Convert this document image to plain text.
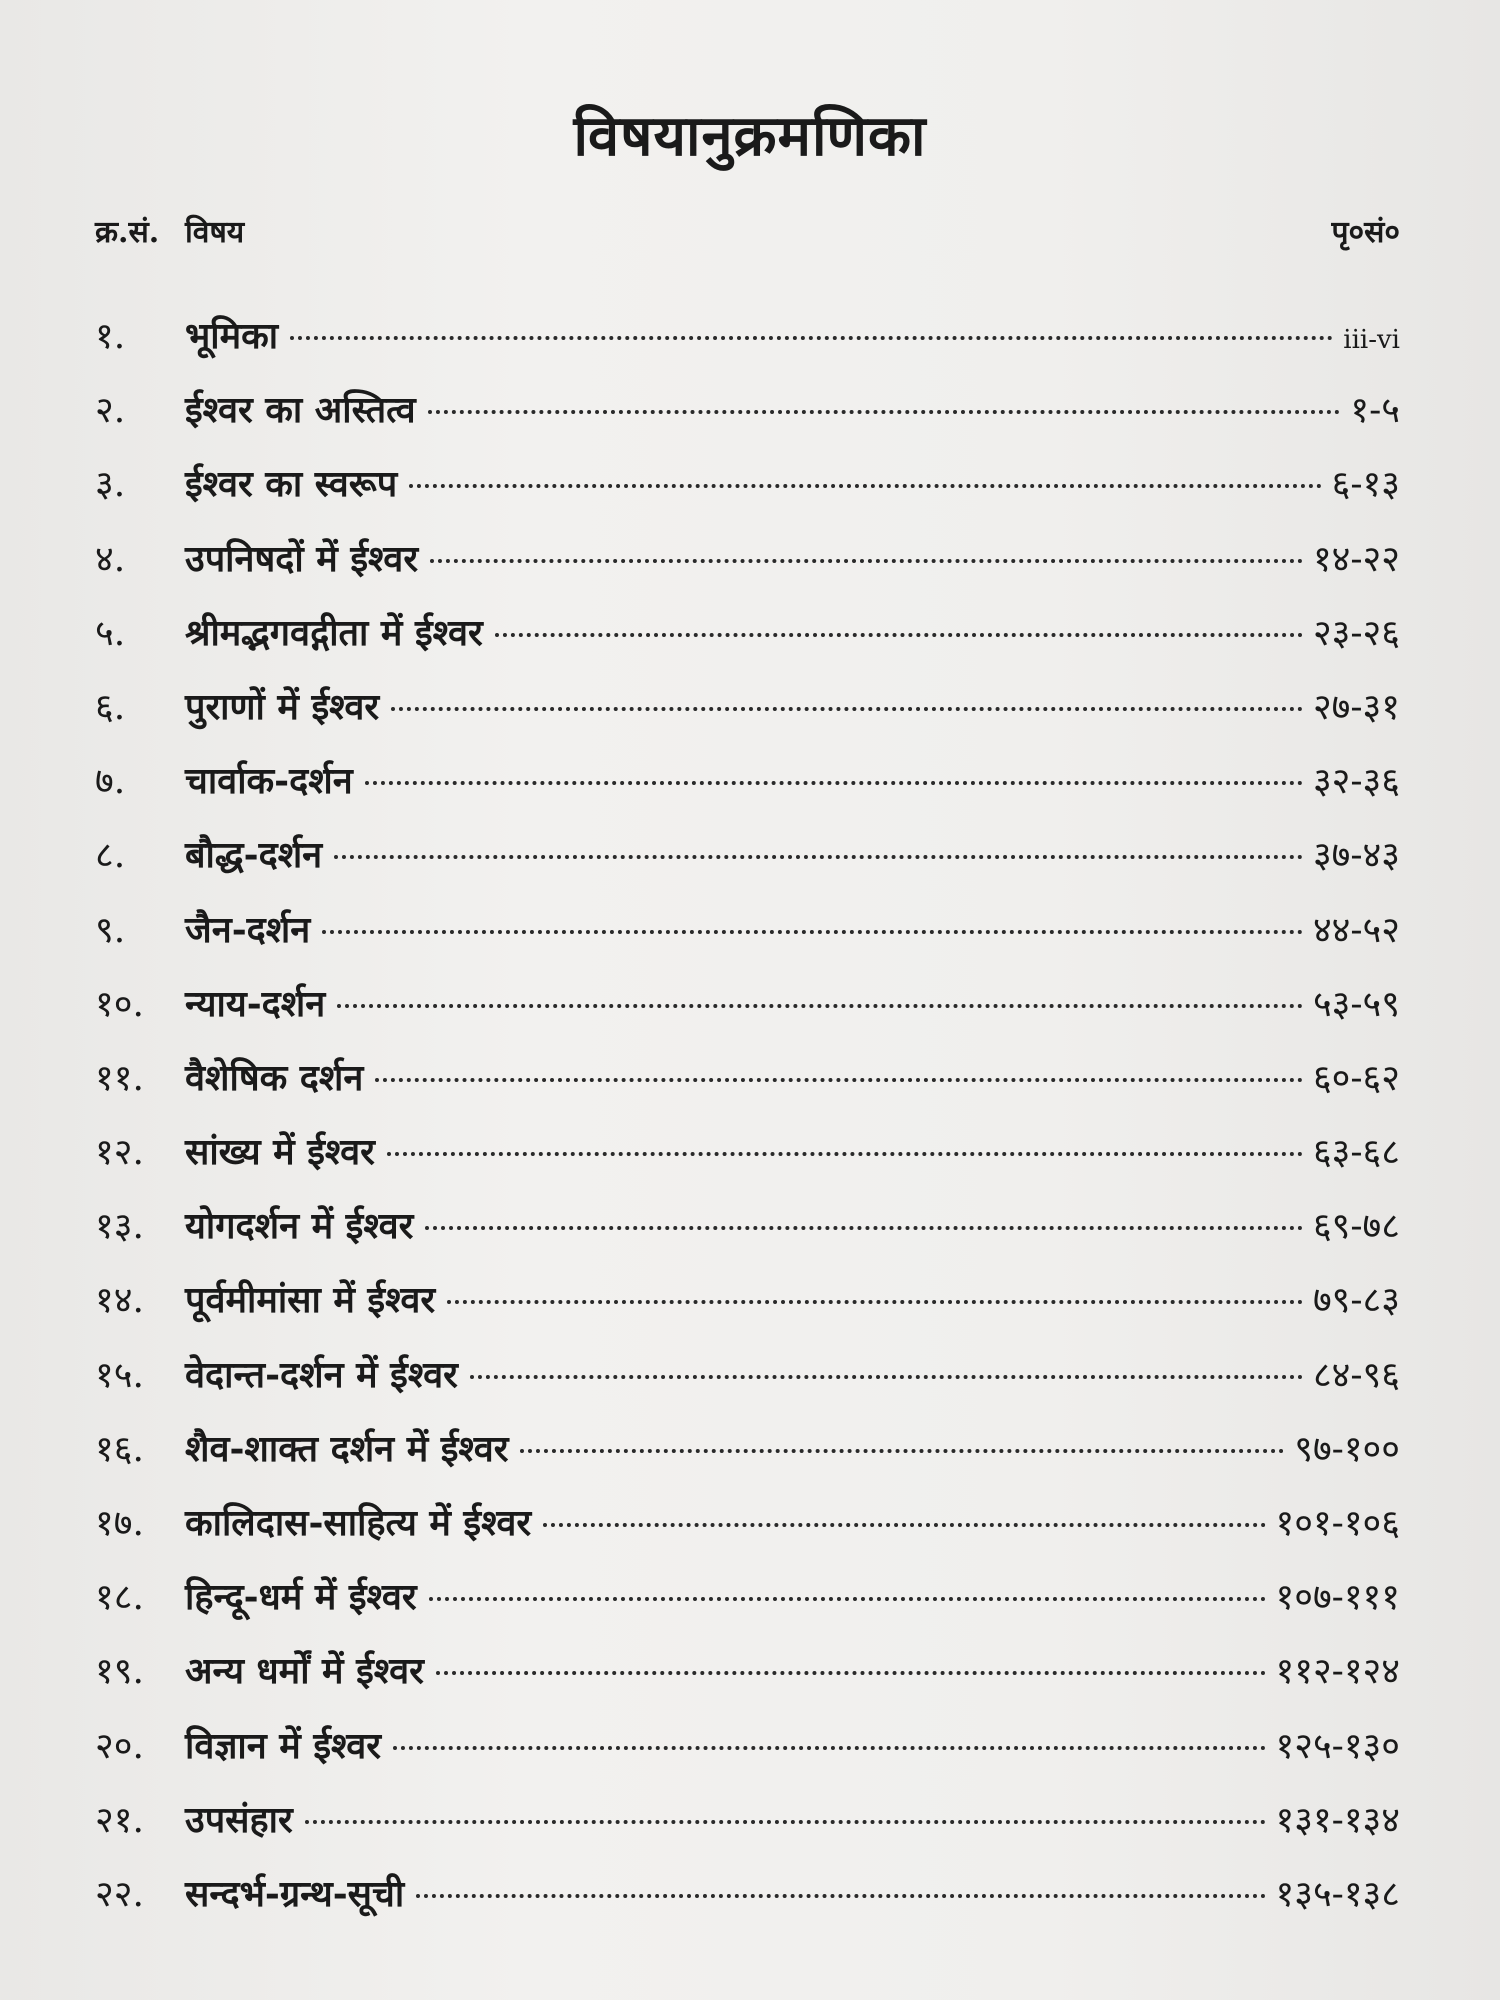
विषयानुक्रमणिका
क्र.सं. विषय	पृ०सं०
१.	भूमिका	iii-vi
२.	ईश्वर का अस्तित्व	१-५
३.	ईश्वर का स्वरूप	६-१३
४.	उपनिषदों में ईश्वर	१४-२२
५.	श्रीमद्भगवद्गीता में ईश्वर	२३-२६
६.	पुराणों में ईश्वर	२७-३१
७.	चार्वाक-दर्शन	३२-३६
८.	बौद्ध-दर्शन	३७-४३
९.	जैन-दर्शन	४४-५२
१०.	न्याय-दर्शन	५३-५९
११.	वैशेषिक दर्शन	६०-६२
१२.	सांख्य में ईश्वर	६३-६८
१३.	योगदर्शन में ईश्वर	६९-७८
१४.	पूर्वमीमांसा में ईश्वर	७९-८३
१५.	वेदान्त-दर्शन में ईश्वर	८४-९६
१६.	शैव-शाक्त दर्शन में ईश्वर	९७-१००
१७.	कालिदास-साहित्य में ईश्वर	१०१-१०६
१८.	हिन्दू-धर्म में ईश्वर	१०७-१११
१९.	अन्य धर्मों में ईश्वर	११२-१२४
२०.	विज्ञान में ईश्वर	१२५-१३०
२१.	उपसंहार	१३१-१३४
२२.	सन्दर्भ-ग्रन्थ-सूची	१३५-१३८
